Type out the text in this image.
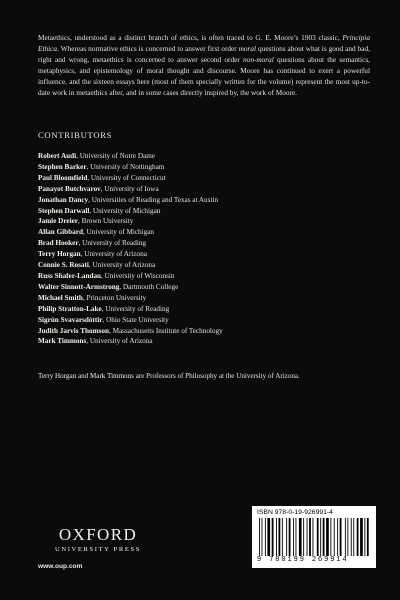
Metaethics, understood as a distinct branch of ethics, is often traced to G. E. Moore’s 1903 classic, Principia Ethica. Whereas normative ethics is concerned to answer first order moral questions about what is good and bad, right and wrong, metaethics is concerned to answer second order non-moral questions about the semantics, metaphysics, and epistemology of moral thought and discourse. Moore has continued to exert a powerful influence, and the sixteen essays here (most of them specially written for the volume) represent the most up-to-date work in metaethics after, and in some cases directly inspired by, the work of Moore.

CONTRIBUTORS
Robert Audi, University of Notre Dame
Stephen Barker, University of Nottingham
Paul Bloomfield, University of Connecticut
Panayot Butchvarov, University of Iowa
Jonathan Dancy, Universities of Reading and Texas at Austin
Stephen Darwall, University of Michigan
Jamie Dreier, Brown University
Allan Gibbard, University of Michigan
Brad Hooker, University of Reading
Terry Horgan, University of Arizona
Connie S. Rosati, University of Arizona
Russ Shafer-Landau, University of Wisconsin
Walter Sinnott-Armstrong, Dartmouth College
Michael Smith, Princeton University
Philip Stratton-Lake, University of Reading
Sigrún Svavarsdóttir, Ohio State University
Judith Jarvis Thomson, Massachusetts Institute of Technology
Mark Timmons, University of Arizona
Terry Horgan and Mark Timmons are Professors of Philosophy at the University of Arizona.
OXFORD
UNIVERSITY PRESS
www.oup.com
ISBN 978-0-19-926991-4
9 780199 269914
